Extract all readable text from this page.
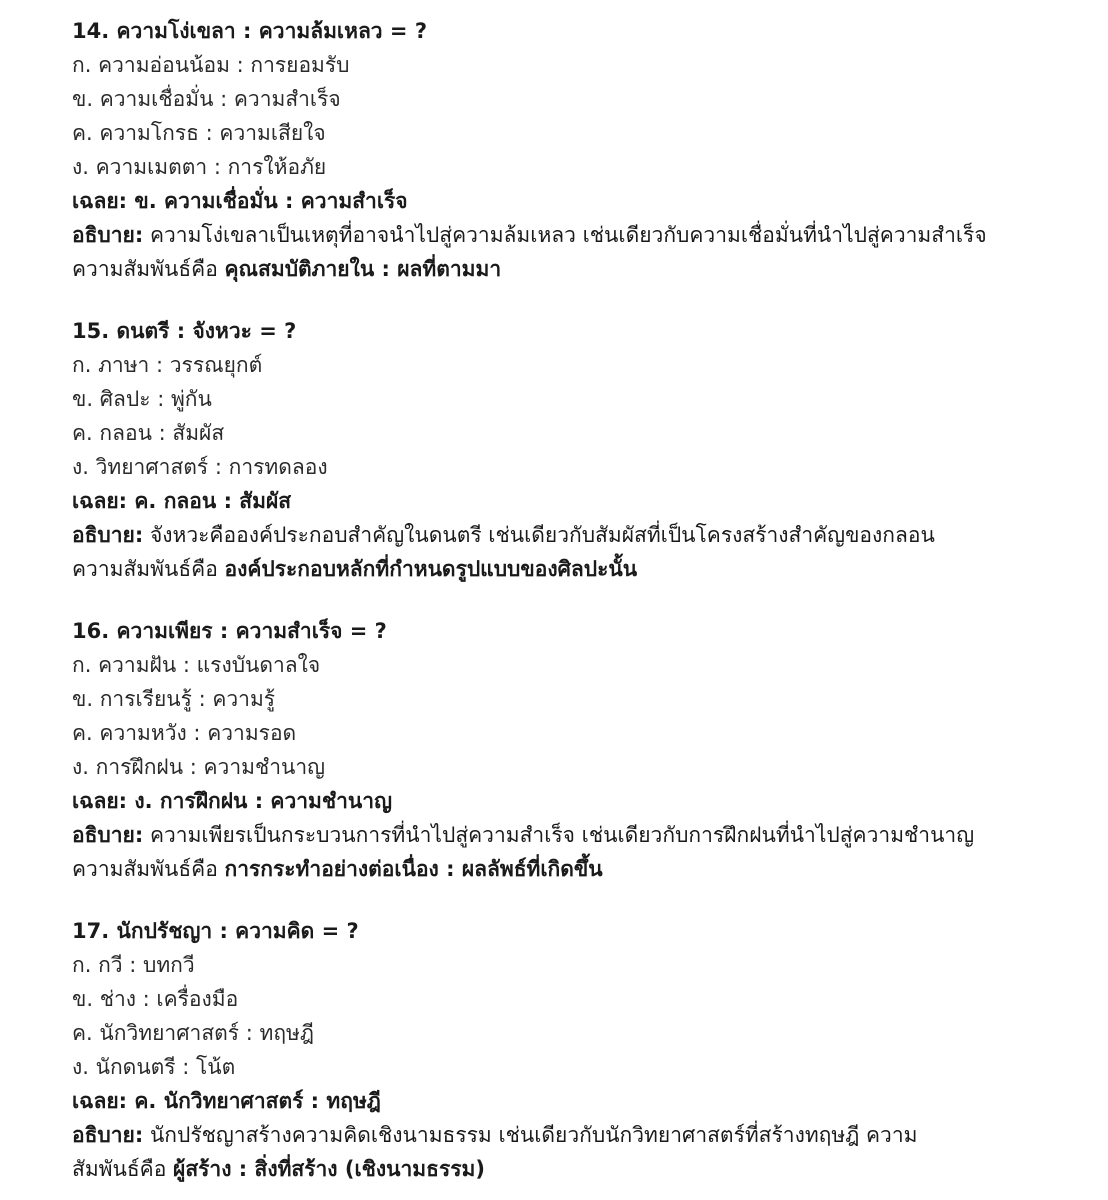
14. ความโง่เขลา : ความล้มเหลว = ?
ก. ความอ่อนน้อม : การยอมรับ
ข. ความเชื่อมั่น : ความสำเร็จ
ค. ความโกรธ : ความเสียใจ
ง. ความเมตตา : การให้อภัย
เฉลย: ข. ความเชื่อมั่น : ความสำเร็จ
อธิบาย: ความโง่เขลาเป็นเหตุที่อาจนำไปสู่ความล้มเหลว เช่นเดียวกับความเชื่อมั่นที่นำไปสู่ความสำเร็จ
ความสัมพันธ์คือ คุณสมบัติภายใน : ผลที่ตามมา
15. ดนตรี : จังหวะ = ?
ก. ภาษา : วรรณยุกต์
ข. ศิลปะ : พู่กัน
ค. กลอน : สัมผัส
ง. วิทยาศาสตร์ : การทดลอง
เฉลย: ค. กลอน : สัมผัส
อธิบาย: จังหวะคือองค์ประกอบสำคัญในดนตรี เช่นเดียวกับสัมผัสที่เป็นโครงสร้างสำคัญของกลอน
ความสัมพันธ์คือ องค์ประกอบหลักที่กำหนดรูปแบบของศิลปะนั้น
16. ความเพียร : ความสำเร็จ = ?
ก. ความฝัน : แรงบันดาลใจ
ข. การเรียนรู้ : ความรู้
ค. ความหวัง : ความรอด
ง. การฝึกฝน : ความชำนาญ
เฉลย: ง. การฝึกฝน : ความชำนาญ
อธิบาย: ความเพียรเป็นกระบวนการที่นำไปสู่ความสำเร็จ เช่นเดียวกับการฝึกฝนที่นำไปสู่ความชำนาญ
ความสัมพันธ์คือ การกระทำอย่างต่อเนื่อง : ผลลัพธ์ที่เกิดขึ้น
17. นักปรัชญา : ความคิด = ?
ก. กวี : บทกวี
ข. ช่าง : เครื่องมือ
ค. นักวิทยาศาสตร์ : ทฤษฎี
ง. นักดนตรี : โน้ต
เฉลย: ค. นักวิทยาศาสตร์ : ทฤษฎี
อธิบาย: นักปรัชญาสร้างความคิดเชิงนามธรรม เช่นเดียวกับนักวิทยาศาสตร์ที่สร้างทฤษฎี ความ
สัมพันธ์คือ ผู้สร้าง : สิ่งที่สร้าง (เชิงนามธรรม)
